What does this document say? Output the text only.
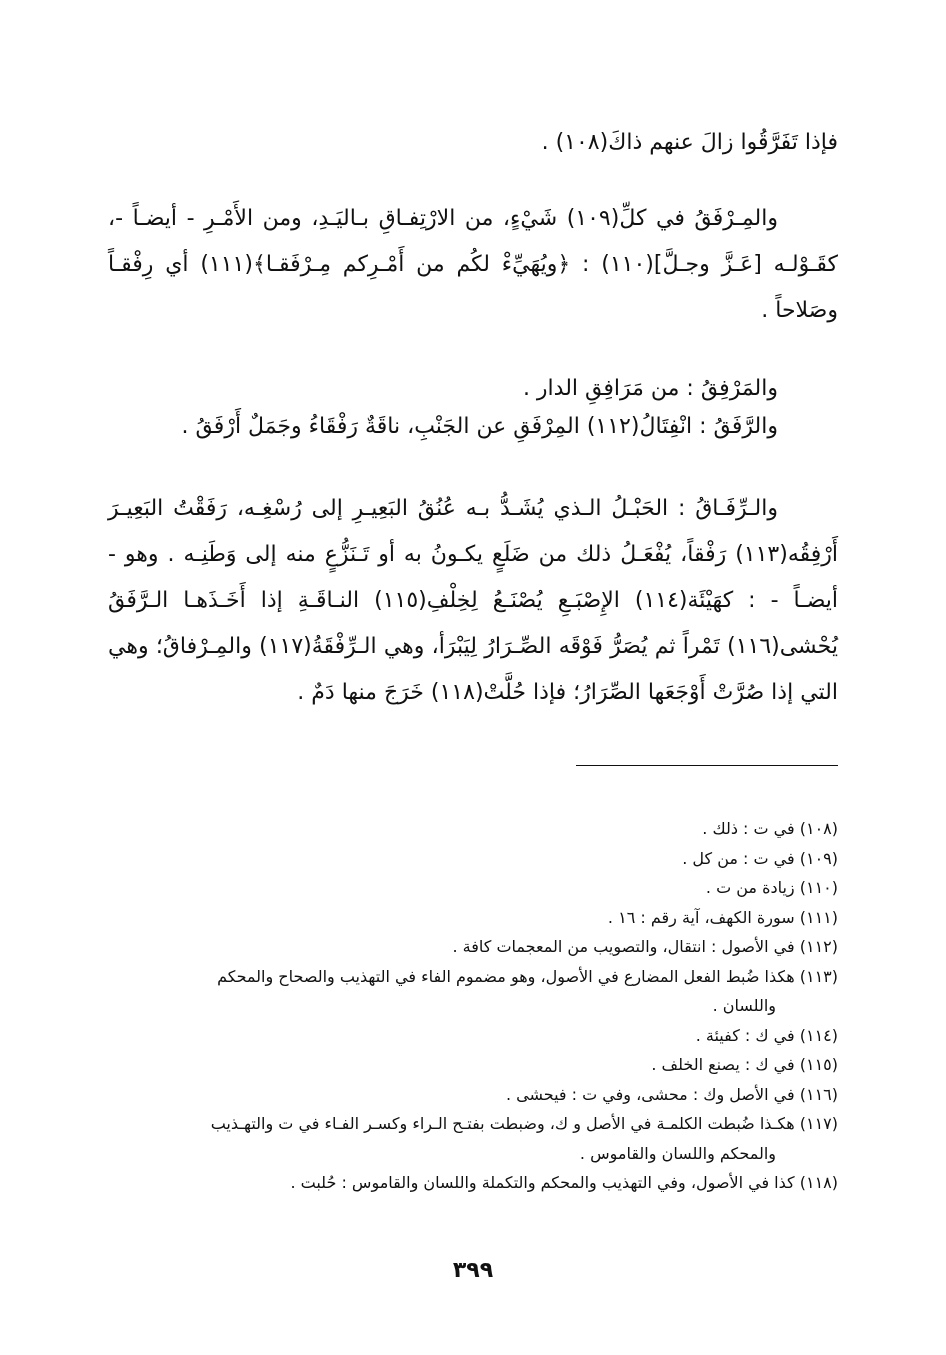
فإذا تَفَرَّقُوا زالَ عنهم ذاكَ(١٠٨) .

والمِـرْفَقُ في كلِّ(١٠٩) شَيْءٍ، من الارْتِفـاقِ بـاليَـدِ، ومن الأَمْـرِ - أيضـاً -، كقَـوْلـه [عَـزَّ وجـلَّ](١١٠) : ﴿ويُهَيِّءْ لكُم من أَمْـرِكم مِـرْفَقـا﴾(١١١) أي رِفْقـاً وصَلاحاً .

والمَرْفِقُ : من مَرَافِقِ الدار .

والرَّفَقُ : انْفِتَالُ(١١٢) المِرْفَقِ عن الجَنْبِ، ناقَةٌ رَفْقَاءُ وجَمَلٌ أَرْفَقُ .

والـرِّفَـاقُ : الحَبْـلُ الـذي يُشَـدُّ بـه عُنُقُ البَعِيـرِ إلى رُسْغِـه، رَفَقْتُ البَعِيـرَ أَرْفِقُه(١١٣) رَفْقاً، يُفْعَـلُ ذلك من ضَلَعٍ يكـونُ به أو تَـنَزُّعٍ منه إلى وَطَنِـه . وهو - أيضـاً - : كهَيْئَة(١١٤) الإِصْبَـعِ يُصْنَـعُ لِخِلْفِ(١١٥) النـاقَـةِ إذا أَخَـذَهـا الـرَّفَقُ يُحْشى(١١٦) تَمْراً ثم يُصَرُّ فَوْقَه الصِّـرَارُ لِيَبْرَأ، وهي الـرِّفْقَةُ(١١٧) والمِـرْفاقُ؛ وهي التي إذا صُرَّتْ أَوْجَعَها الصِّرَارُ؛ فإذا حُلَّتْ(١١٨) خَرَجَ منها دَمٌ .

(١٠٨) في ت : ذلك .
(١٠٩) في ت : من كل .
(١١٠) زيادة من ت .
(١١١) سورة الكهف، آية رقم : ١٦ .
(١١٢) في الأصول : انتقال، والتصويب من المعجمات كافة .
(١١٣) هكذا ضُبط الفعل المضارع في الأصول، وهو مضموم الفاء في التهذيب والصحاح والمحكم
واللسان .
(١١٤) في ك : كفيئة .
(١١٥) في ك : يصنع الخلف .
(١١٦) في الأصل وك : محشى، وفي ت : فيحشى .
(١١٧) هكـذا ضُبطت الكلمـة في الأصل و ك، وضبطت بفتـح الـراء وكسـر الفـاء في ت والتهـذيب
والمحكم واللسان والقاموس .
(١١٨) كذا في الأصول، وفي التهذيب والمحكم والتكملة واللسان والقاموس : حُلبت .
٣٩٩
